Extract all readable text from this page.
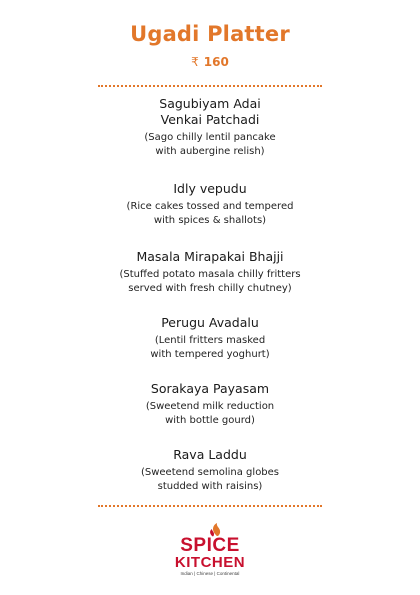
Ugadi Platter
₹ 160
Sagubiyam Adai
Venkai Patchadi
(Sago chilly lentil pancake
with aubergine relish)
Idly vepudu
(Rice cakes tossed and tempered
with spices & shallots)
Masala Mirapakai Bhajji
(Stuffed potato masala chilly fritters
served with fresh chilly chutney)
Perugu Avadalu
(Lentil fritters masked
with tempered yoghurt)
Sorakaya Payasam
(Sweetend milk reduction
with bottle gourd)
Rava Laddu
(Sweetend semolina globes
studded with raisins)
SPICE
KITCHEN
Indian | Chinese | Continental
